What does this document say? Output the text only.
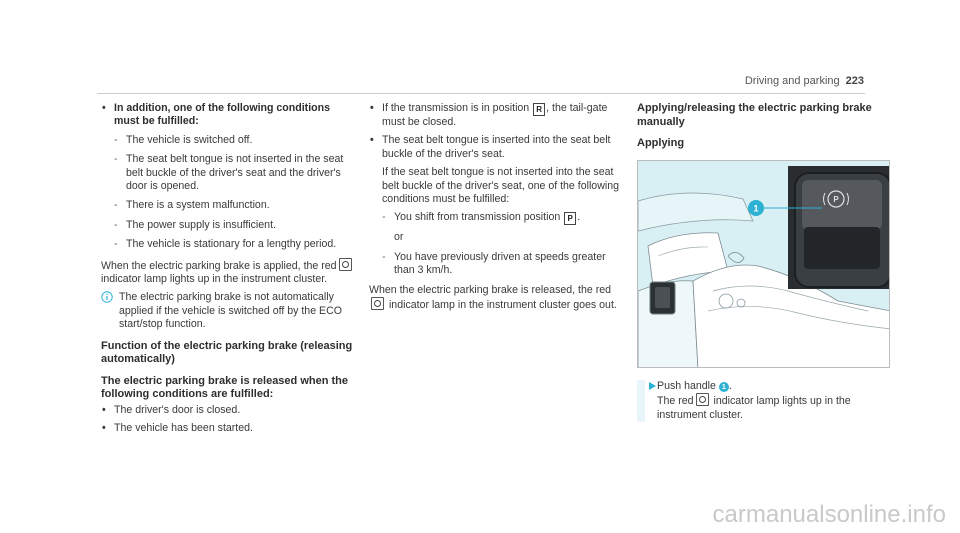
Driving and parking 223
• In addition, one of the following conditions must be fulfilled:
- The vehicle is switched off.
- The seat belt tongue is not inserted in the seat belt buckle of the driver's seat and the driver's door is opened.
- There is a system malfunction.
- The power supply is insufficient.
- The vehicle is stationary for a lengthy period.
When the electric parking brake is applied, the red indicator lamp lights up in the instrument cluster.
The electric parking brake is not automatically applied if the vehicle is switched off by the ECO start/stop function.
Function of the electric parking brake (releasing automatically)
The electric parking brake is released when the following conditions are fulfilled:
• The driver's door is closed.
• The vehicle has been started.
• If the transmission is in position R , the tail-gate must be closed.
• The seat belt tongue is inserted into the seat belt buckle of the driver's seat.
If the seat belt tongue is not inserted into the seat belt buckle of the driver's seat, one of the following conditions must be fulfilled:
- You shift from transmission position P .
or
- You have previously driven at speeds greater than 3 km/h.
When the electric parking brake is released, the red indicator lamp in the instrument cluster goes out.
Applying/releasing the electric parking brake manually
Applying
P
1
Push handle 1 .
The red indicator lamp lights up in the instrument cluster.
carmanualsonline.info
